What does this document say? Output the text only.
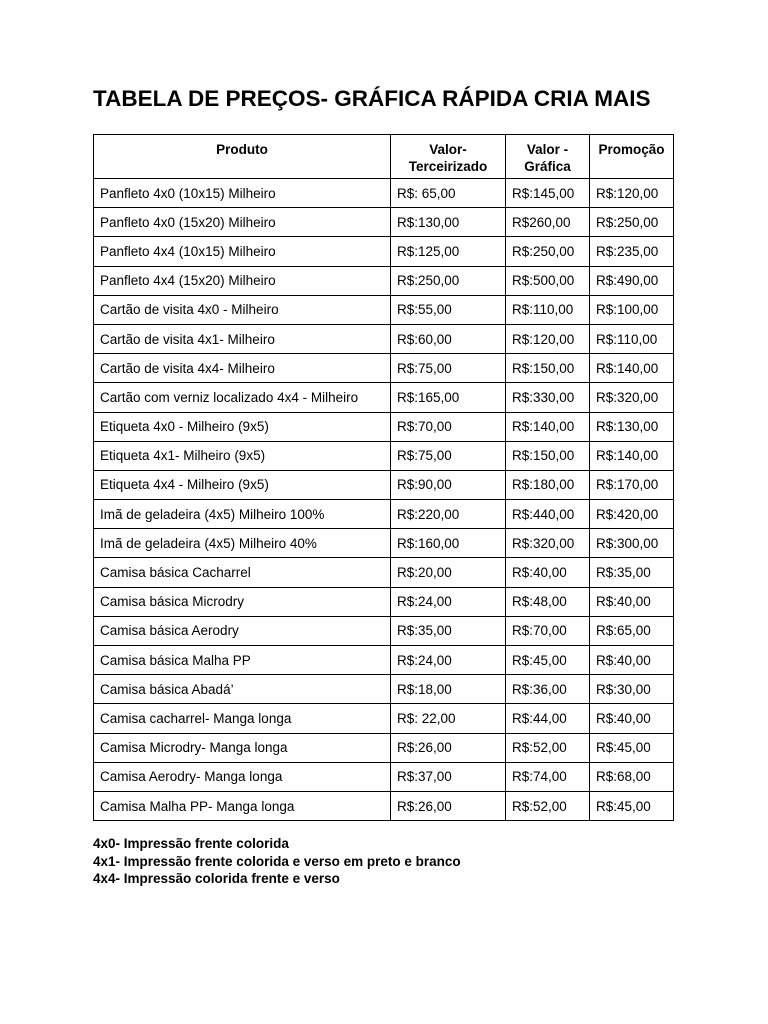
TABELA DE PREÇOS- GRÁFICA RÁPIDA CRIA MAIS
Produto	Valor- Terceirizado	Valor - Gráfica	Promoção
Panfleto 4x0 (10x15) Milheiro	R$: 65,00	R$:145,00	R$:120,00
Panfleto 4x0 (15x20) Milheiro	R$:130,00	R$260,00	R$:250,00
Panfleto 4x4 (10x15) Milheiro	R$:125,00	R$:250,00	R$:235,00
Panfleto 4x4 (15x20) Milheiro	R$:250,00	R$:500,00	R$:490,00
Cartão de visita 4x0 - Milheiro	R$:55,00	R$:110,00	R$:100,00
Cartão de visita 4x1- Milheiro	R$:60,00	R$:120,00	R$:110,00
Cartão de visita 4x4- Milheiro	R$:75,00	R$:150,00	R$:140,00
Cartão com verniz localizado 4x4 - Milheiro	R$:165,00	R$:330,00	R$:320,00
Etiqueta 4x0 - Milheiro (9x5)	R$:70,00	R$:140,00	R$:130,00
Etiqueta 4x1- Milheiro (9x5)	R$:75,00	R$:150,00	R$:140,00
Etiqueta 4x4 - Milheiro (9x5)	R$:90,00	R$:180,00	R$:170,00
Imã de geladeira (4x5) Milheiro 100%	R$:220,00	R$:440,00	R$:420,00
Imã de geladeira (4x5) Milheiro 40%	R$:160,00	R$:320,00	R$:300,00
Camisa básica Cacharrel	R$:20,00	R$:40,00	R$:35,00
Camisa básica Microdry	R$:24,00	R$:48,00	R$:40,00
Camisa básica Aerodry	R$:35,00	R$:70,00	R$:65,00
Camisa básica Malha PP	R$:24,00	R$:45,00	R$:40,00
Camisa básica Abadá’	R$:18,00	R$:36,00	R$:30,00
Camisa cacharrel- Manga longa	R$: 22,00	R$:44,00	R$:40,00
Camisa Microdry- Manga longa	R$:26,00	R$:52,00	R$:45,00
Camisa Aerodry- Manga longa	R$:37,00	R$:74,00	R$:68,00
Camisa Malha PP- Manga longa	R$:26,00	R$:52,00	R$:45,00
4x0- Impressão frente colorida
4x1- Impressão frente colorida e verso em preto e branco
4x4- Impressão colorida frente e verso
